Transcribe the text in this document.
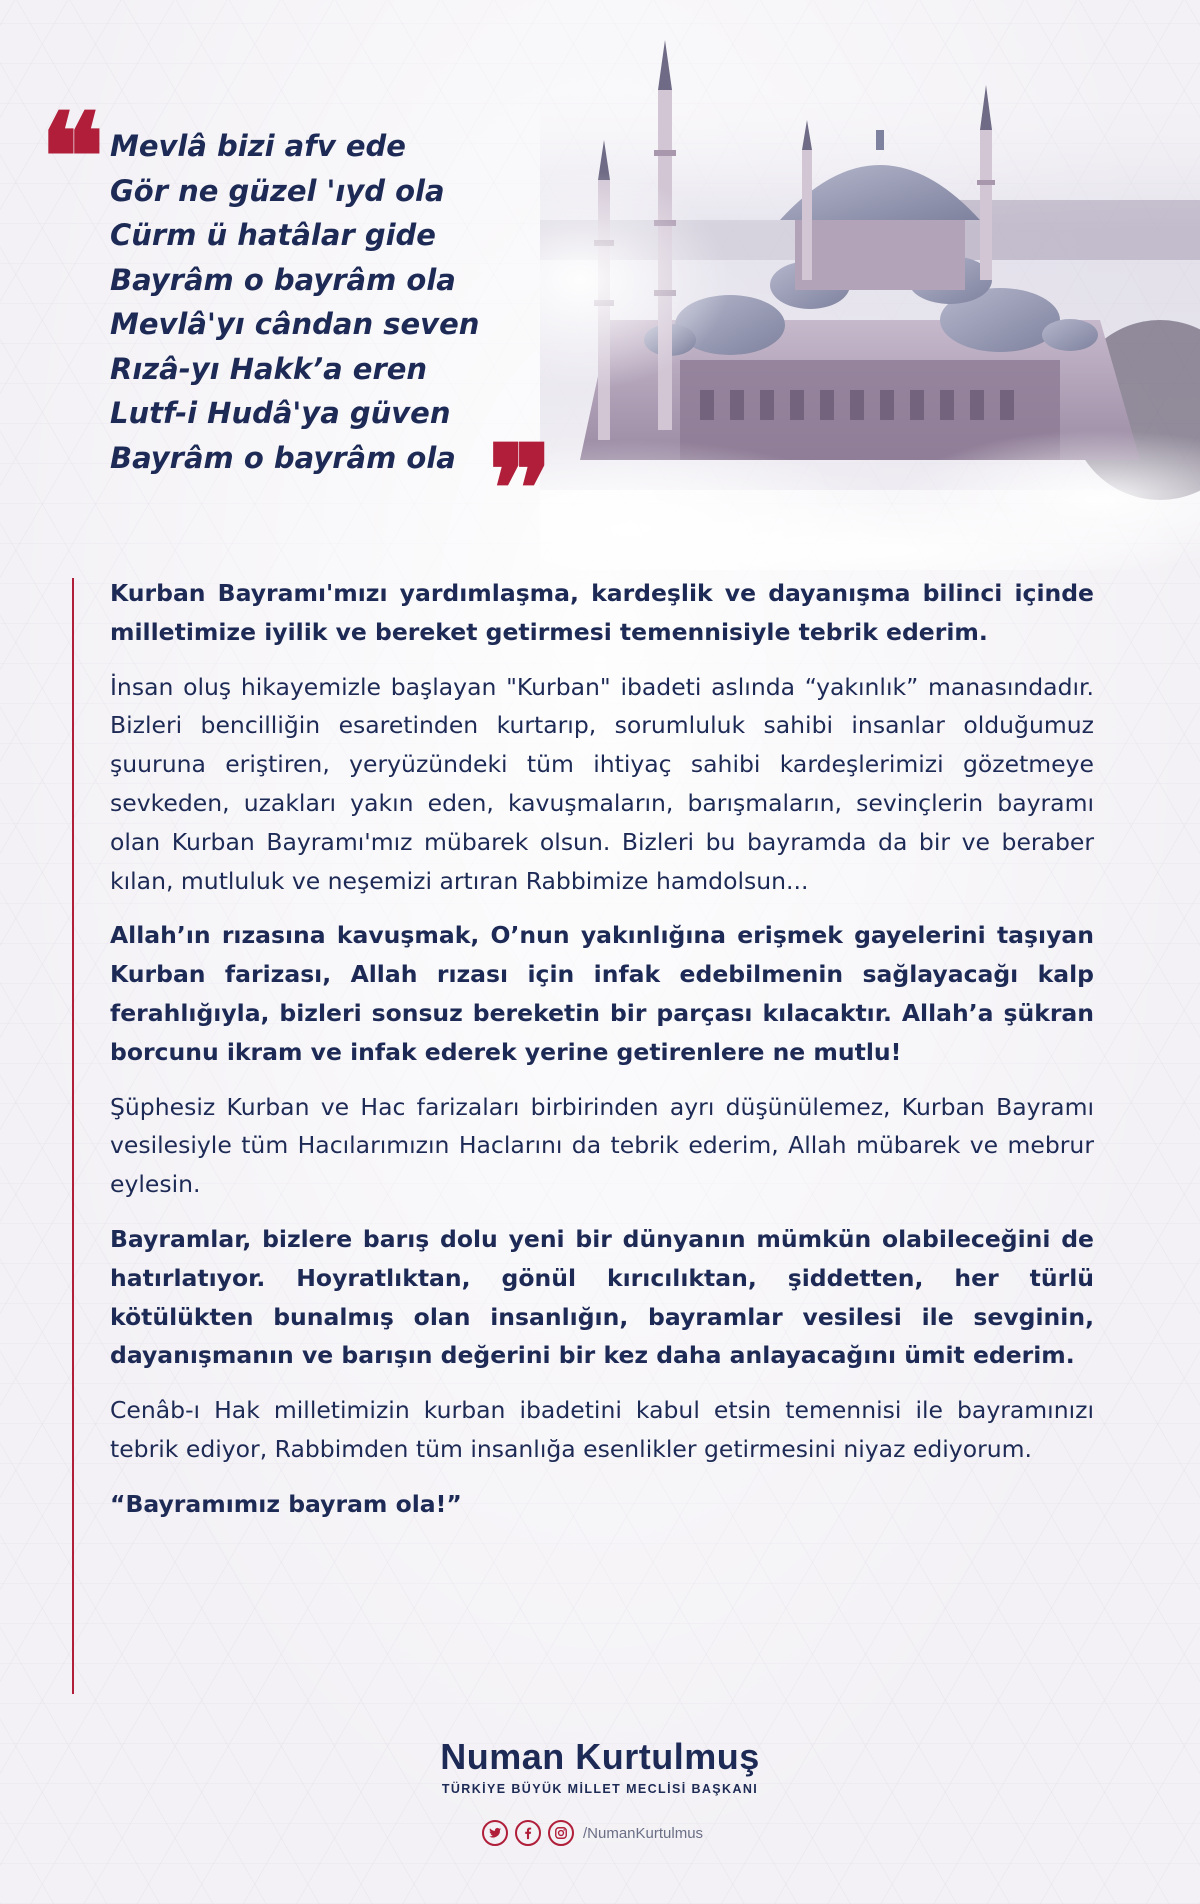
❝ Mevlâ bizi afv ede
Gör ne güzel 'ıyd ola
Cürm ü hatâlar gide
Bayrâm o bayrâm ola
Mevlâ'yı cândan seven
Rızâ-yı Hakk’a eren
Lutf-i Hudâ'ya güven
Bayrâm o bayrâm ola ❞

Kurban Bayramı'mızı yardımlaşma, kardeşlik ve dayanışma bilinci içinde milletimize iyilik ve bereket getirmesi temennisiyle tebrik ederim.

İnsan oluş hikayemizle başlayan "Kurban" ibadeti aslında “yakınlık” manasındadır. Bizleri bencilliğin esaretinden kurtarıp, sorumluluk sahibi insanlar olduğumuz şuuruna eriştiren, yeryüzündeki tüm ihtiyaç sahibi kardeşlerimizi gözetmeye sevkeden, uzakları yakın eden, kavuşmaların, barışmaların, sevinçlerin bayramı olan Kurban Bayramı'mız mübarek olsun. Bizleri bu bayramda da bir ve beraber kılan, mutluluk ve neşemizi artıran Rabbimize hamdolsun...

Allah’ın rızasına kavuşmak, O’nun yakınlığına erişmek gayelerini taşıyan Kurban farizası, Allah rızası için infak edebilmenin sağlayacağı kalp ferahlığıyla, bizleri sonsuz bereketin bir parçası kılacaktır. Allah’a şükran borcunu ikram ve infak ederek yerine getirenlere ne mutlu!

Şüphesiz Kurban ve Hac farizaları birbirinden ayrı düşünülemez, Kurban Bayramı vesilesiyle tüm Hacılarımızın Haclarını da tebrik ederim, Allah mübarek ve mebrur eylesin.

Bayramlar, bizlere barış dolu yeni bir dünyanın mümkün olabileceğini de hatırlatıyor. Hoyratlıktan, gönül kırıcılıktan, şiddetten, her türlü kötülükten bunalmış olan insanlığın, bayramlar vesilesi ile sevginin, dayanışmanın ve barışın değerini bir kez daha anlayacağını ümit ederim.

Cenâb-ı Hak milletimizin kurban ibadetini kabul etsin temennisi ile bayramınızı tebrik ediyor, Rabbimden tüm insanlığa esenlikler getirmesini niyaz ediyorum.

“Bayramımız bayram ola!”

Numan Kurtulmuş
TÜRKİYE BÜYÜK MİLLET MECLİSİ BAŞKANI
/NumanKurtulmus
